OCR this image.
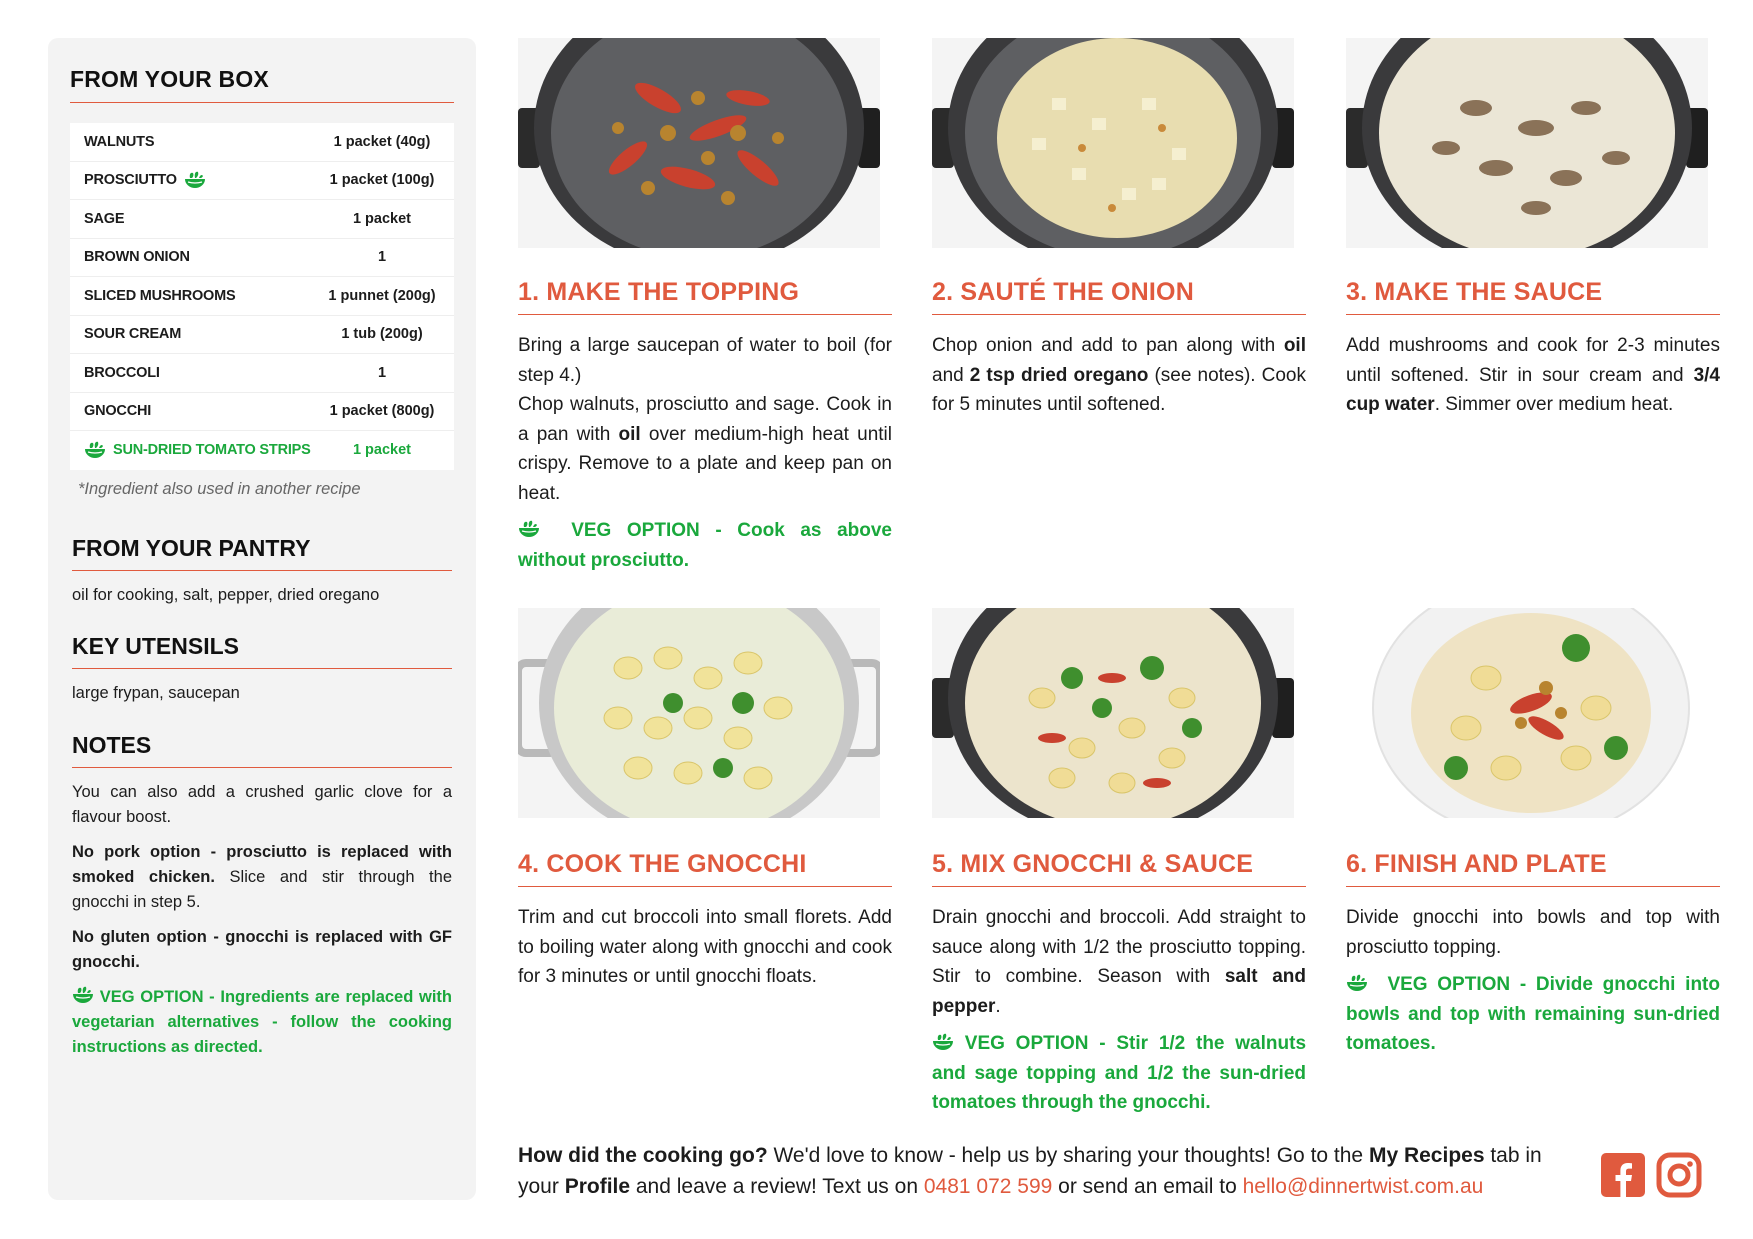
FROM YOUR BOX
WALNUTS	1 packet (40g)
PROSCIUTTO	1 packet (100g)
SAGE	1 packet
BROWN ONION	1
SLICED MUSHROOMS	1 punnet (200g)
SOUR CREAM	1 tub (200g)
BROCCOLI	1
GNOCCHI	1 packet (800g)
SUN-DRIED TOMATO STRIPS	1 packet
*Ingredient also used in another recipe
FROM YOUR PANTRY
oil for cooking, salt, pepper, dried oregano
KEY UTENSILS
large frypan, saucepan
NOTES

You can also add a crushed garlic clove for a flavour boost.

No pork option - prosciutto is replaced with smoked chicken. Slice and stir through the gnocchi in step 5.

No gluten option - gnocchi is replaced with GF gnocchi.

VEG OPTION - Ingredients are replaced with vegetarian alternatives - follow the cooking instructions as directed.

1. MAKE THE TOPPING
Bring a large saucepan of water to boil (for step 4.)
Chop walnuts, prosciutto and sage. Cook in a pan with oil over medium-high heat until crispy. Remove to a plate and keep pan on heat.
VEG OPTION - Cook as above without prosciutto.
2. SAUTÉ THE ONION
Chop onion and add to pan along with oil and 2 tsp dried oregano (see notes). Cook for 5 minutes until softened.
3. MAKE THE SAUCE
Add mushrooms and cook for 2-3 minutes until softened. Stir in sour cream and 3/4 cup water. Simmer over medium heat.
4. COOK THE GNOCCHI
Trim and cut broccoli into small florets. Add to boiling water along with gnocchi and cook for 3 minutes or until gnocchi floats.
5. MIX GNOCCHI & SAUCE
Drain gnocchi and broccoli. Add straight to sauce along with 1/2 the prosciutto topping. Stir to combine. Season with salt and pepper.
VEG OPTION - Stir 1/2 the walnuts and sage topping and 1/2 the sun-dried tomatoes through the gnocchi.
6. FINISH AND PLATE
Divide gnocchi into bowls and top with prosciutto topping.
VEG OPTION - Divide gnocchi into bowls and top with remaining sun-dried tomatoes.
How did the cooking go? We'd love to know - help us by sharing your thoughts! Go to the My Recipes tab in your Profile and leave a review! Text us on 0481 072 599 or send an email to hello@dinnertwist.com.au
